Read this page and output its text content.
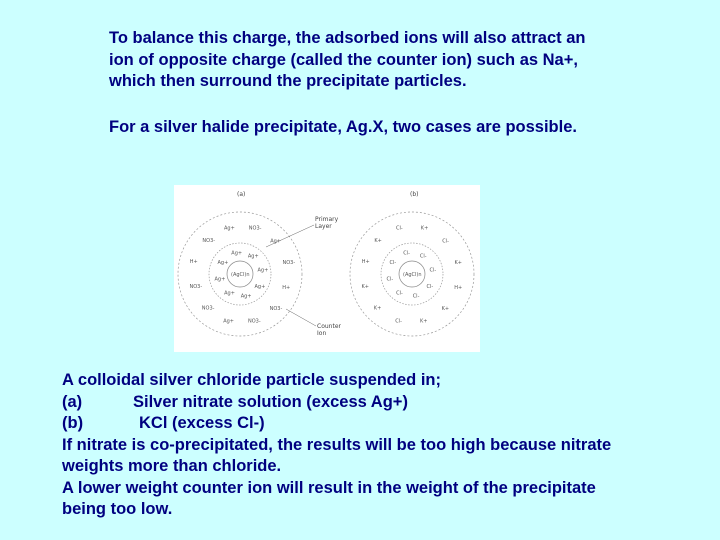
To balance this charge, the adsorbed ions will also attract an
ion of opposite charge (called the counter ion) such as Na+,
which then surround the precipitate particles.
For a silver halide precipitate, Ag.X, two cases are possible.
(a)
(AgCl)n
NO3-
Ag+
NO3-
H+
NO3-
NO3-
Ag+
NO3-
NO3-
H+
NO3-
Ag+
Ag+
Ag+
Ag+
Ag+
Ag+
Ag+
Ag+
Ag+
Primary
Layer
Counter
Ion
(b)
(AgCl)n
K+
Cl-
K+
H+
K+
K+
Cl-
K+
K+
H+
K+
Cl-
Cl-
Cl-
Cl-
Cl-
Cl-
Cl-
Cl-
Cl-
A colloidal silver chloride particle suspended in;
(a)	Silver nitrate solution (excess Ag+)
(b)	KCl (excess Cl-)
If nitrate is co-precipitated, the results will be too high because nitrate
weights more than chloride.
A lower weight counter ion will result in the weight of the precipitate
being too low.
